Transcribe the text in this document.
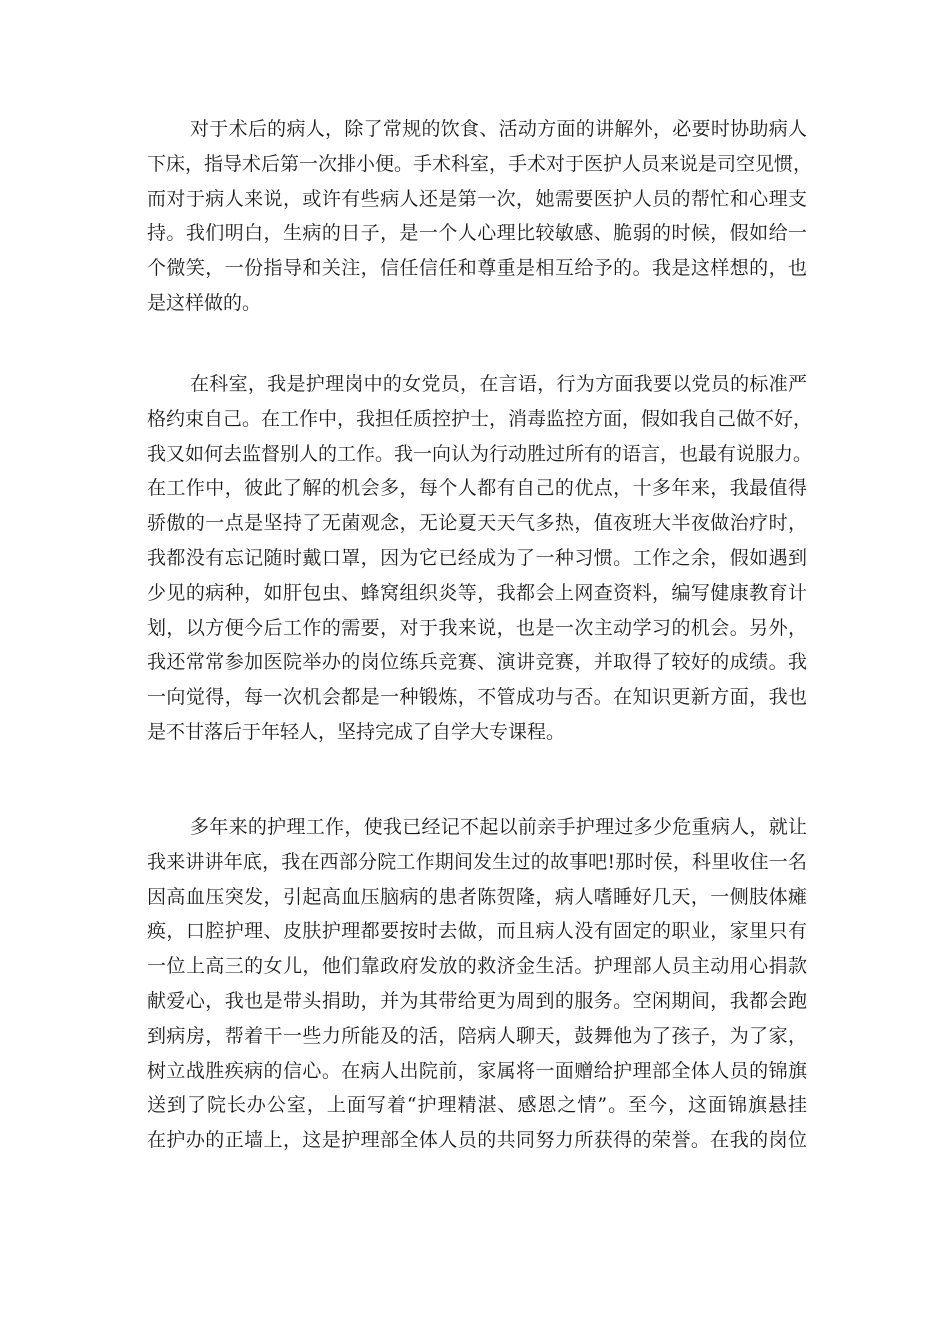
对于术后的病人，除了常规的饮食、活动方面的讲解外，必要时协助病人
下床，指导术后第一次排小便。手术科室，手术对于医护人员来说是司空见惯，
而对于病人来说，或许有些病人还是第一次，她需要医护人员的帮忙和心理支
持。我们明白，生病的日子，是一个人心理比较敏感、脆弱的时候，假如给一
个微笑，一份指导和关注，信任信任和尊重是相互给予的。我是这样想的，也
是这样做的。
在科室，我是护理岗中的女党员，在言语，行为方面我要以党员的标准严
格约束自己。在工作中，我担任质控护士，消毒监控方面，假如我自己做不好，
我又如何去监督别人的工作。我一向认为行动胜过所有的语言，也最有说服力。
在工作中，彼此了解的机会多，每个人都有自己的优点，十多年来，我最值得
骄傲的一点是坚持了无菌观念，无论夏天天气多热，值夜班大半夜做治疗时，
我都没有忘记随时戴口罩，因为它已经成为了一种习惯。工作之余，假如遇到
少见的病种，如肝包虫、蜂窝组织炎等，我都会上网查资料，编写健康教育计
划，以方便今后工作的需要，对于我来说，也是一次主动学习的机会。另外，
我还常常参加医院举办的岗位练兵竞赛、演讲竞赛，并取得了较好的成绩。我
一向觉得，每一次机会都是一种锻炼，不管成功与否。在知识更新方面，我也
是不甘落后于年轻人，坚持完成了自学大专课程。
多年来的护理工作，使我已经记不起以前亲手护理过多少危重病人，就让
我来讲讲年底，我在西部分院工作期间发生过的故事吧!那时侯，科里收住一名
因高血压突发，引起高血压脑病的患者陈贺隆，病人嗜睡好几天，一侧肢体瘫
痪，口腔护理、皮肤护理都要按时去做，而且病人没有固定的职业，家里只有
一位上高三的女儿，他们靠政府发放的救济金生活。护理部人员主动用心捐款
献爱心，我也是带头捐助，并为其带给更为周到的服务。空闲期间，我都会跑
到病房，帮着干一些力所能及的活，陪病人聊天，鼓舞他为了孩子，为了家，
树立战胜疾病的信心。在病人出院前，家属将一面赠给护理部全体人员的锦旗
送到了院长办公室，上面写着“护理精湛、感恩之情”。至今，这面锦旗悬挂
在护办的正墙上，这是护理部全体人员的共同努力所获得的荣誉。在我的岗位
